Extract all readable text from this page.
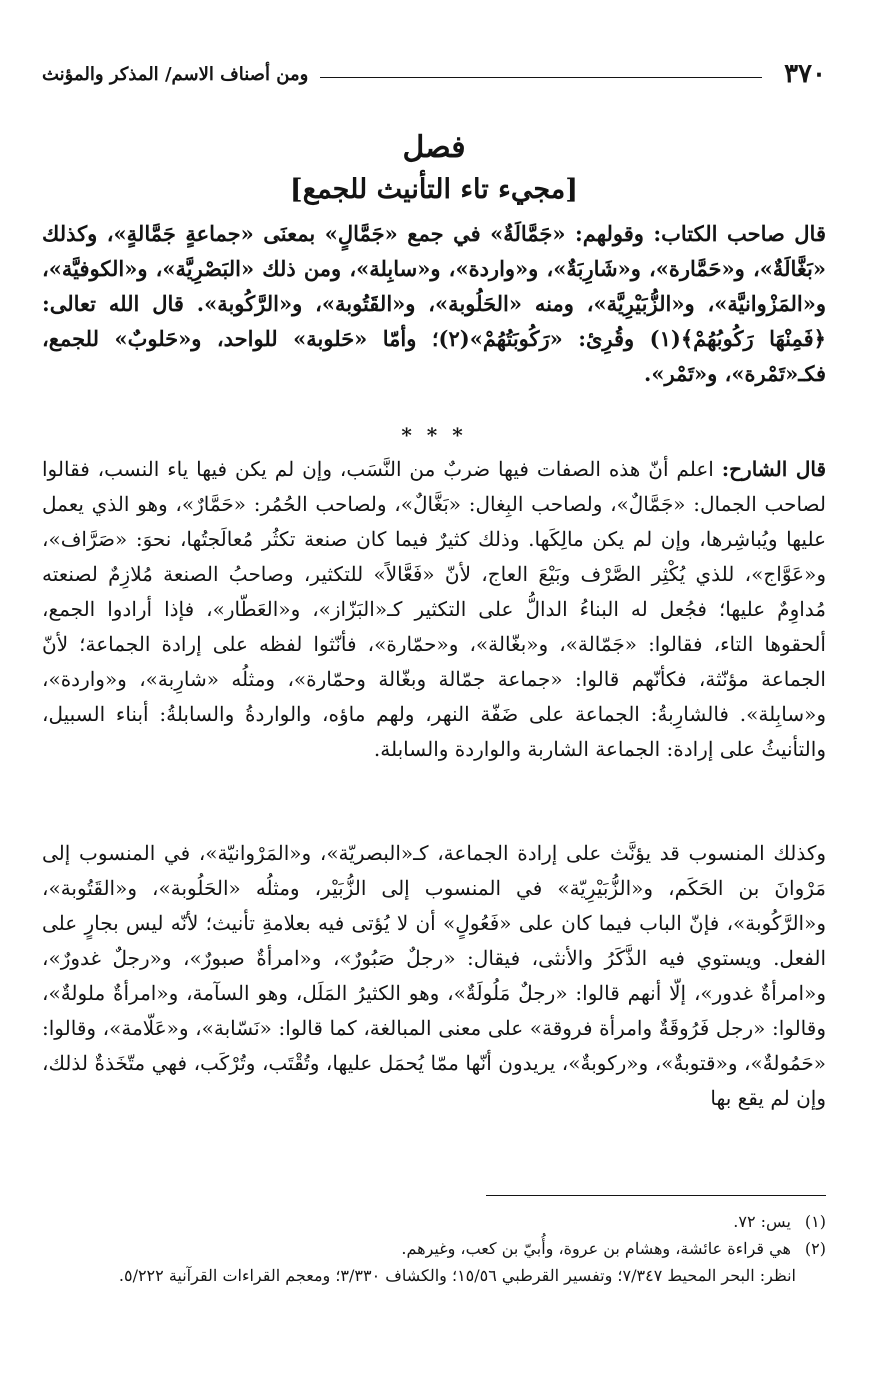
٣٧٠
ومن أصناف الاسم/ المذكر والمؤنث
فصل
[مجيء تاء التأنيث للجمع]
قال صاحب الكتاب: وقولهم: «جَمَّالَةٌ» في جمع «جَمَّالٍ» بمعنَى «جماعةٍ جَمَّالةٍ»، وكذلك «بَغَّالَةٌ»، و«حَمَّارة»، و«شَارِبَةٌ»، و«واردة»، و«سابِلة»، ومن ذلك «البَصْرِيَّة»، و«الكوفيَّة»، و«المَزْوانيَّة»، و«الزُّبَيْرِيَّة»، ومنه «الحَلُوبة»، و«القَتُوبة»، و«الرَّكُوبة». قال الله تعالى: ﴿فَمِنْهَا رَكُوبُهُمْ﴾(١) وقُرِئ: «رَكُوبَتُهُمْ»(٢)؛ وأمّا «حَلوبة» للواحد، و«حَلوبٌ» للجمع، فكـ«تَمْرة»، و«تَمْر».
* * *
قال الشارح: اعلم أنّ هذه الصفات فيها ضربٌ من النَّسَب، وإن لم يكن فيها ياء النسب، فقالوا لصاحب الجمال: «جَمَّالٌ»، ولصاحب البِغال: «بَغَّالٌ»، ولصاحب الحُمُر: «حَمَّارٌ»، وهو الذي يعمل عليها ويُباشِرها، وإن لم يكن مالِكَها. وذلك كثيرٌ فيما كان صنعة تكثُر مُعالَجتُها، نحوَ: «صَرَّاف»، و«عَوَّاج»، للذي يُكْثِر الصَّرْف وبَيْعَ العاج، لأنّ «فَعَّالاً» للتكثير، وصاحبُ الصنعة مُلازِمٌ لصنعته مُداوِمٌ عليها؛ فجُعل له البناءُ الدالُّ على التكثير كـ«البَزّاز»، و«العَطّار»، فإذا أرادوا الجمع، ألحقوها التاء، فقالوا: «جَمّالة»، و«بغّالة»، و«حمّارة»، فأنّثوا لفظه على إرادة الجماعة؛ لأنّ الجماعة مؤنّثة، فكأنّهم قالوا: «جماعة جمّالة وبغّالة وحمّارة»، ومثلُه «شارِبة»، و«واردة»، و«سابِلة». فالشارِبةُ: الجماعة على ضَفّة النهر، ولهم ماؤه، والواردةُ والسابلةُ: أبناء السبيل، والتأنيثُ على إرادة: الجماعة الشاربة والواردة والسابلة.
وكذلك المنسوب قد يؤنَّث على إرادة الجماعة، كـ«البصريّة»، و«المَرْوانيّة»، في المنسوب إلى مَرْوانَ بن الحَكَم، و«الزُّبَيْرِيّة» في المنسوب إلى الزُّبَيْر، ومثلُه «الحَلُوبة»، و«القَتُوبة»، و«الرَّكُوبة»، فإنّ الباب فيما كان على «فَعُولٍ» أن لا يُؤتى فيه بعلامةِ تأنيث؛ لأنّه ليس بجارٍ على الفعل. ويستوي فيه الذَّكَرُ والأنثى، فيقال: «رجلٌ صَبُورٌ»، و«امرأةٌ صبورٌ»، و«رجلٌ غدورٌ»، و«امرأةٌ غدور»، إلّا أنهم قالوا: «رجلٌ مَلُولَةٌ»، وهو الكثيرُ المَلَل، وهو السآمة، و«امرأةٌ ملولةٌ»، وقالوا: «رجل فَرُوقَةٌ وامرأة فروقة» على معنى المبالغة، كما قالوا: «نَسّابة»، و«عَلّامة»، وقالوا: «حَمُولةٌ»، و«قتوبةٌ»، و«ركوبةٌ»، يريدون أنّها ممّا يُحمَل عليها، وتُقْتَب، وتُرْكَب، فهي متّخَذةٌ لذلك، وإن لم يقع بها

(١) يس: ٧٢.

(٢) هي قراءة عائشة، وهشام بن عروة، وأُبيّ بن كعب، وغيرهم.

انظر: البحر المحيط ٧/٣٤٧؛ وتفسير القرطبي ١٥/٥٦؛ والكشاف ٣/٣٣٠؛ ومعجم القراءات القرآنية ٥/٢٢٢.
